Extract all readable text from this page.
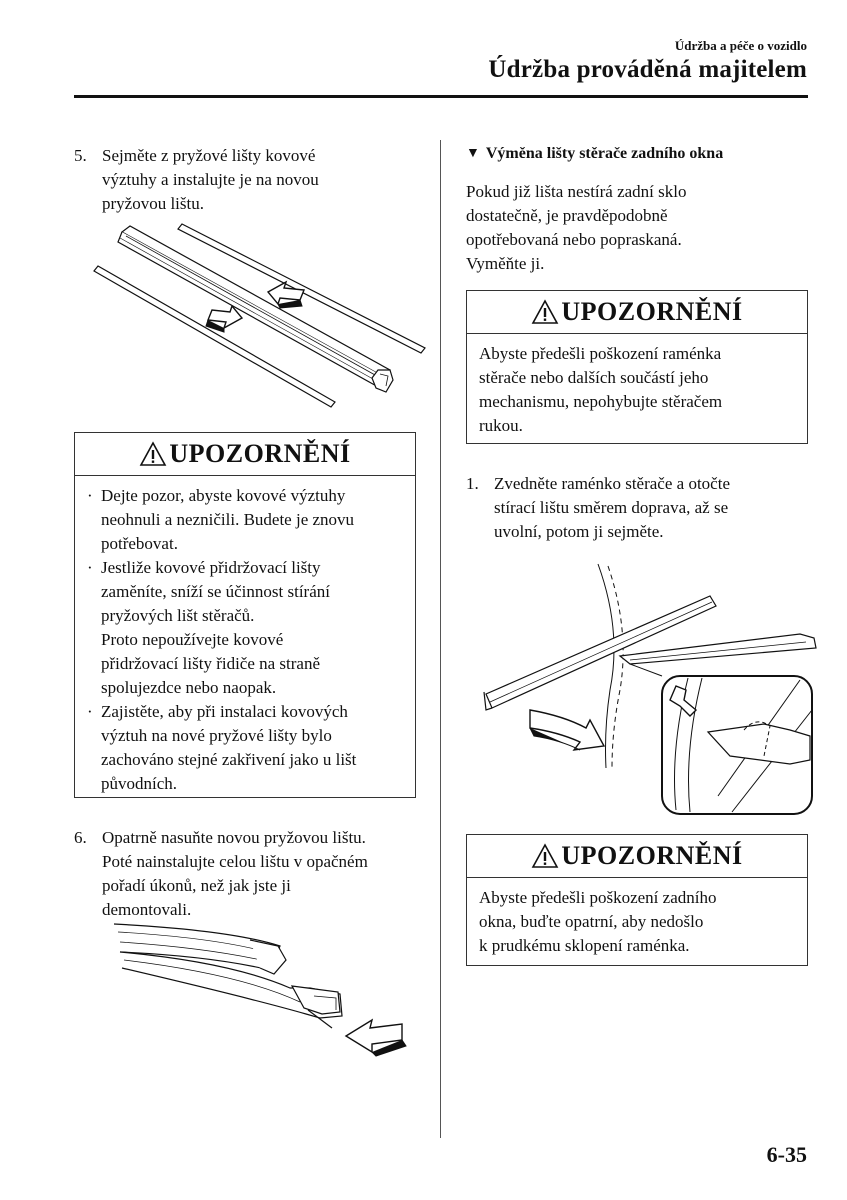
Údržba a péče o vozidlo
Údržba prováděná majitelem
5. Sejměte z pryžové lišty kovové
výztuhy a instalujte je na novou
pryžovou lištu.
UPOZORNĚNÍ
· Dejte pozor, abyste kovové výztuhy
neohnuli a nezničili. Budete je znovu
potřebovat.
· Jestliže kovové přidržovací lišty
zaměníte, sníží se účinnost stírání
pryžových lišt stěračů.
Proto nepoužívejte kovové
přidržovací lišty řidiče na straně
spolujezdce nebo naopak.
· Zajistěte, aby při instalaci kovových
výztuh na nové pryžové lišty bylo
zachováno stejné zakřivení jako u lišt
původních.
6. Opatrně nasuňte novou pryžovou lištu.
Poté nainstalujte celou lištu v opačném
pořadí úkonů, než jak jste ji
demontovali.
▼ Výměna lišty stěrače zadního okna
Pokud již lišta nestírá zadní sklo
dostatečně, je pravděpodobně
opotřebovaná nebo popraskaná.
Vyměňte ji.
UPOZORNĚNÍ
Abyste předešli poškození raménka
stěrače nebo dalších součástí jeho
mechanismu, nepohybujte stěračem
rukou.
1. Zvedněte raménko stěrače a otočte
stírací lištu směrem doprava, až se
uvolní, potom ji sejměte.
UPOZORNĚNÍ
Abyste předešli poškození zadního
okna, buďte opatrní, aby nedošlo
k prudkému sklopení raménka.
6-35
